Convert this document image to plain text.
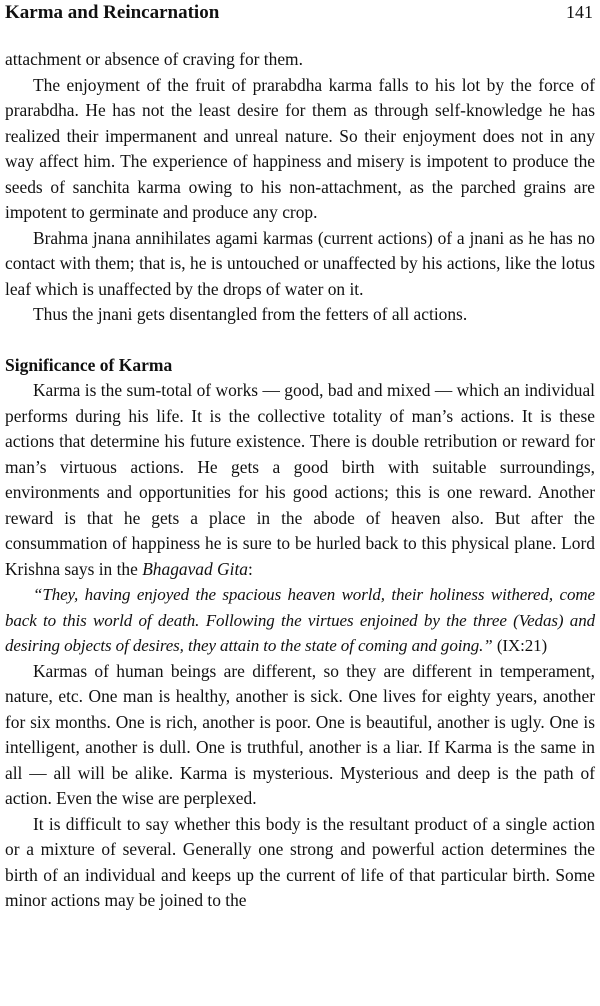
Karma and Reincarnation	141

attachment or absence of craving for them.

The enjoyment of the fruit of prarabdha karma falls to his lot by the force of prarabdha. He has not the least desire for them as through self-knowledge he has realized their impermanent and unreal nature. So their enjoyment does not in any way affect him. The experience of happiness and misery is impotent to produce the seeds of sanchita karma owing to his non-attachment, as the parched grains are impotent to germinate and produce any crop.

Brahma jnana annihilates agami karmas (current actions) of a jnani as he has no contact with them; that is, he is untouched or unaffected by his actions, like the lotus leaf which is unaffected by the drops of water on it.

Thus the jnani gets disentangled from the fetters of all actions.

Significance of Karma

Karma is the sum-total of works — good, bad and mixed — which an individual performs during his life. It is the collective totality of man’s actions. It is these actions that determine his future existence. There is double retribution or reward for man’s virtuous actions. He gets a good birth with suitable surroundings, environments and opportunities for his good actions; this is one reward. Another reward is that he gets a place in the abode of heaven also. But after the consummation of happiness he is sure to be hurled back to this physical plane. Lord Krishna says in the Bhagavad Gita:

“They, having enjoyed the spacious heaven world, their holiness withered, come back to this world of death. Following the virtues enjoined by the three (Vedas) and desiring objects of desires, they attain to the state of coming and going.” (IX:21)

Karmas of human beings are different, so they are different in temperament, nature, etc. One man is healthy, another is sick. One lives for eighty years, another for six months. One is rich, another is poor. One is beautiful, another is ugly. One is intelligent, another is dull. One is truthful, another is a liar. If Karma is the same in all — all will be alike. Karma is mysterious. Mysterious and deep is the path of action. Even the wise are perplexed.

It is difficult to say whether this body is the resultant product of a single action or a mixture of several. Generally one strong and powerful action determines the birth of an individual and keeps up the current of life of that particular birth. Some minor actions may be joined to the
